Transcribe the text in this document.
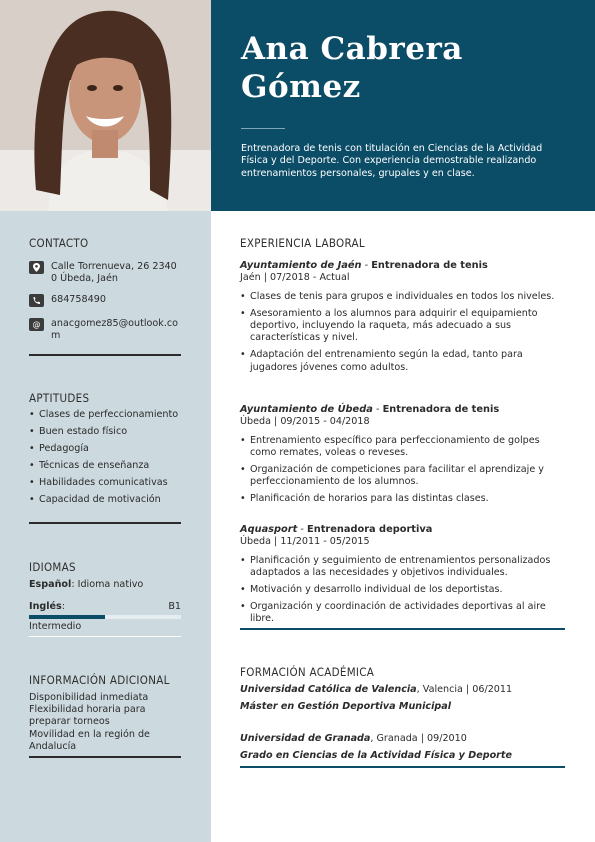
Ana Cabrera
Gómez
Entrenadora de tenis con titulación en Ciencias de la Actividad Física y del Deporte. Con experiencia demostrable realizando entrenamientos personales, grupales y en clase.
CONTACTO
Calle Torrenueva, 26 23400 Úbeda, Jaén
684758490
@	anacgomez85@outlook.com
APTITUDES
• Clases de perfeccionamiento
• Buen estado físico
• Pedagogía
• Técnicas de enseñanza
• Habilidades comunicativas
• Capacidad de motivación
IDIOMAS
Español: Idioma nativo
Inglés:	B1
Intermedio
INFORMACIÓN ADICIONAL
Disponibilidad inmediata
Flexibilidad horaria para preparar torneos
Movilidad en la región de Andalucía
EXPERIENCIA LABORAL
Ayuntamiento de Jaén - Entrenadora de tenis
Jaén | 07/2018 - Actual
• Clases de tenis para grupos e individuales en todos los niveles.
• Asesoramiento a los alumnos para adquirir el equipamiento deportivo, incluyendo la raqueta, más adecuado a sus características y nivel.
• Adaptación del entrenamiento según la edad, tanto para jugadores jóvenes como adultos.
Ayuntamiento de Úbeda - Entrenadora de tenis
Úbeda | 09/2015 - 04/2018
• Entrenamiento específico para perfeccionamiento de golpes como remates, voleas o reveses.
• Organización de competiciones para facilitar el aprendizaje y perfeccionamiento de los alumnos.
• Planificación de horarios para las distintas clases.
Aquasport - Entrenadora deportiva
Úbeda | 11/2011 - 05/2015
• Planificación y seguimiento de entrenamientos personalizados adaptados a las necesidades y objetivos individuales.
• Motivación y desarrollo individual de los deportistas.
• Organización y coordinación de actividades deportivas al aire libre.
FORMACIÓN ACADÉMICA
Universidad Católica de Valencia, Valencia | 06/2011
Máster en Gestión Deportiva Municipal
Universidad de Granada, Granada | 09/2010
Grado en Ciencias de la Actividad Física y Deporte
